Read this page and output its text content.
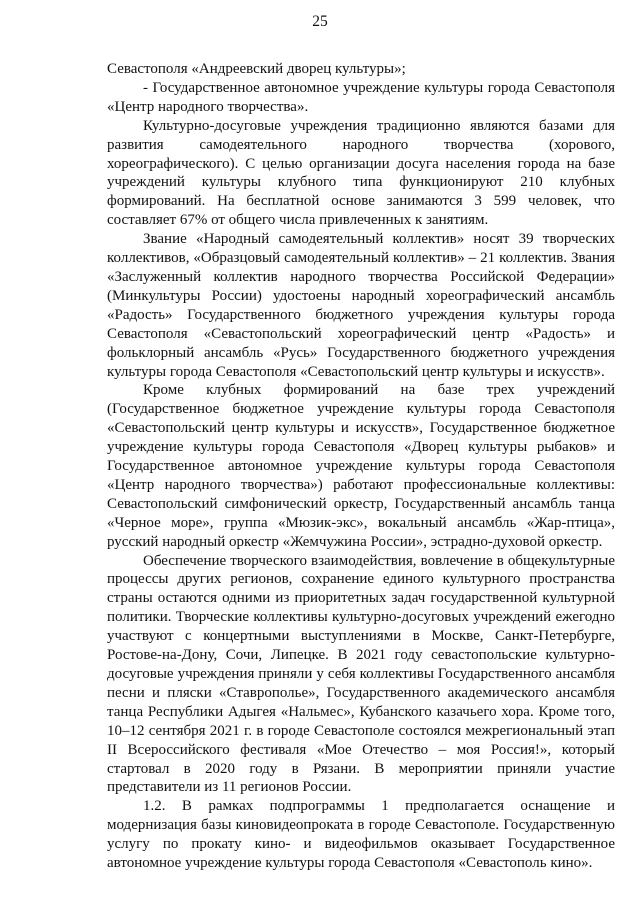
25

Севастополя «Андреевский дворец культуры»;

- Государственное автономное учреждение культуры города Севастополя «Центр народного творчества».

Культурно-досуговые учреждения традиционно являются базами для развития самодеятельного народного творчества (хорового, хореографического). С целью организации досуга населения города на базе учреждений культуры клубного типа функционируют 210 клубных формирований. На бесплатной основе занимаются 3 599 человек, что составляет 67% от общего числа привлеченных к занятиям.

Звание «Народный самодеятельный коллектив» носят 39 творческих коллективов, «Образцовый самодеятельный коллектив» – 21 коллектив. Звания «Заслуженный коллектив народного творчества Российской Федерации» (Минкультуры России) удостоены народный хореографический ансамбль «Радость» Государственного бюджетного учреждения культуры города Севастополя «Севастопольский хореографический центр «Радость» и фольклорный ансамбль «Русь» Государственного бюджетного учреждения культуры города Севастополя «Севастопольский центр культуры и искусств».

Кроме клубных формирований на базе трех учреждений (Государственное бюджетное учреждение культуры города Севастополя «Севастопольский центр культуры и искусств», Государственное бюджетное учреждение культуры города Севастополя «Дворец культуры рыбаков» и Государственное автономное учреждение культуры города Севастополя «Центр народного творчества») работают профессиональные коллективы: Севастопольский симфонический оркестр, Государственный ансамбль танца «Черное море», группа «Мюзик-экс», вокальный ансамбль «Жар-птица», русский народный оркестр «Жемчужина России», эстрадно-духовой оркестр.

Обеспечение творческого взаимодействия, вовлечение в общекультурные процессы других регионов, сохранение единого культурного пространства страны остаются одними из приоритетных задач государственной культурной политики. Творческие коллективы культурно-досуговых учреждений ежегодно участвуют с концертными выступлениями в Москве, Санкт-Петербурге, Ростове-на-Дону, Сочи, Липецке. В 2021 году севастопольские культурно-досуговые учреждения приняли у себя коллективы Государственного ансамбля песни и пляски «Ставрополье», Государственного академического ансамбля танца Республики Адыгея «Нальмес», Кубанского казачьего хора. Кроме того, 10–12 сентября 2021 г. в городе Севастополе состоялся межрегиональный этап II Всероссийского фестиваля «Мое Отечество – моя Россия!», который стартовал в 2020 году в Рязани. В мероприятии приняли участие представители из 11 регионов России.

1.2. В рамках подпрограммы 1 предполагается оснащение и модернизация базы киновидеопроката в городе Севастополе. Государственную услугу по прокату кино- и видеофильмов оказывает Государственное автономное учреждение культуры города Севастополя «Севастополь кино».
